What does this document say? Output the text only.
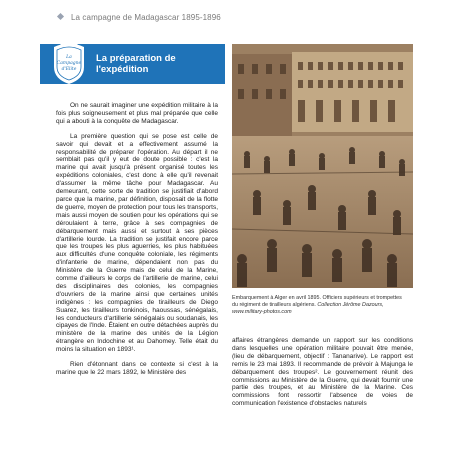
La campagne de Madagascar 1895-1896
La
Campagne
d'Elite
La préparation de l'expédition

On ne saurait imaginer une expédition militaire à la fois plus soigneusement et plus mal préparée que celle qui a abouti à la conquête de Madagascar.

La première question qui se pose est celle de savoir qui devait et a effectivement assumé la responsabilité de préparer l'opération. Au départ il ne semblait pas qu'il y eut de doute possible : c'est la marine qui avait jusqu'à présent organisé toutes les expéditions coloniales, c'est donc à elle qu'il revenait d'assumer la même tâche pour Madagascar. Au demeurant, cette sorte de tradition se justifiait d'abord parce que la marine, par définition, disposait de la flotte de guerre, moyen de protection pour tous les transports, mais aussi moyen de soutien pour les opérations qui se déroulaient à terre, grâce à ses compagnies de débarquement mais aussi et surtout à ses pièces d'artillerie lourde. La tradition se justifait encore parce que les troupes les plus aguerries, les plus habituées aux difficultés d'une conquête coloniale, les régiments d'infanterie de marine, dépendaient non pas du Ministère de la Guerre mais de celui de la Marine, comme d'ailleurs le corps de l'artillerie de marine, celui des disciplinaires des colonies, les compagnies d'ouvriers de la marine ainsi que certaines unités indigènes : les compagnies de tirailleurs de Diego Suarez, les tirailleurs tonkinois, haoussas, sénégalais, les conducteurs d'artillerie sénégalais ou soudanais, les cipayes de l'Inde. Étaient en outre détachées auprès du ministère de la marine des unités de la Légion étrangère en Indochine et au Dahomey. Telle était du moins la situation en 1893¹.

Rien d'étonnant dans ce contexte si c'est à la marine que le 22 mars 1892, le Ministère des

Embarquement à Alger en avril 1895. Officiers supérieurs et trompettes du régiment de tirailleurs algériens. Collection Jérôme Dazours, www.military-photos.com

affaires étrangères demande un rapport sur les conditions dans lesquelles une opération militaire pouvait être menée, (lieu de débarquement, objectif : Tananarive). Le rapport est remis le 23 mai 1893. Il recommande de prévoir à Majunga le débarquement des troupes². Le gouvernement réunit des commissions au Ministère de la Guerre, qui devait fournir une partie des troupes, et au Ministère de la Marine. Ces commissions font ressortir l'absence de voies de communication l'existence d'obstacles naturels
